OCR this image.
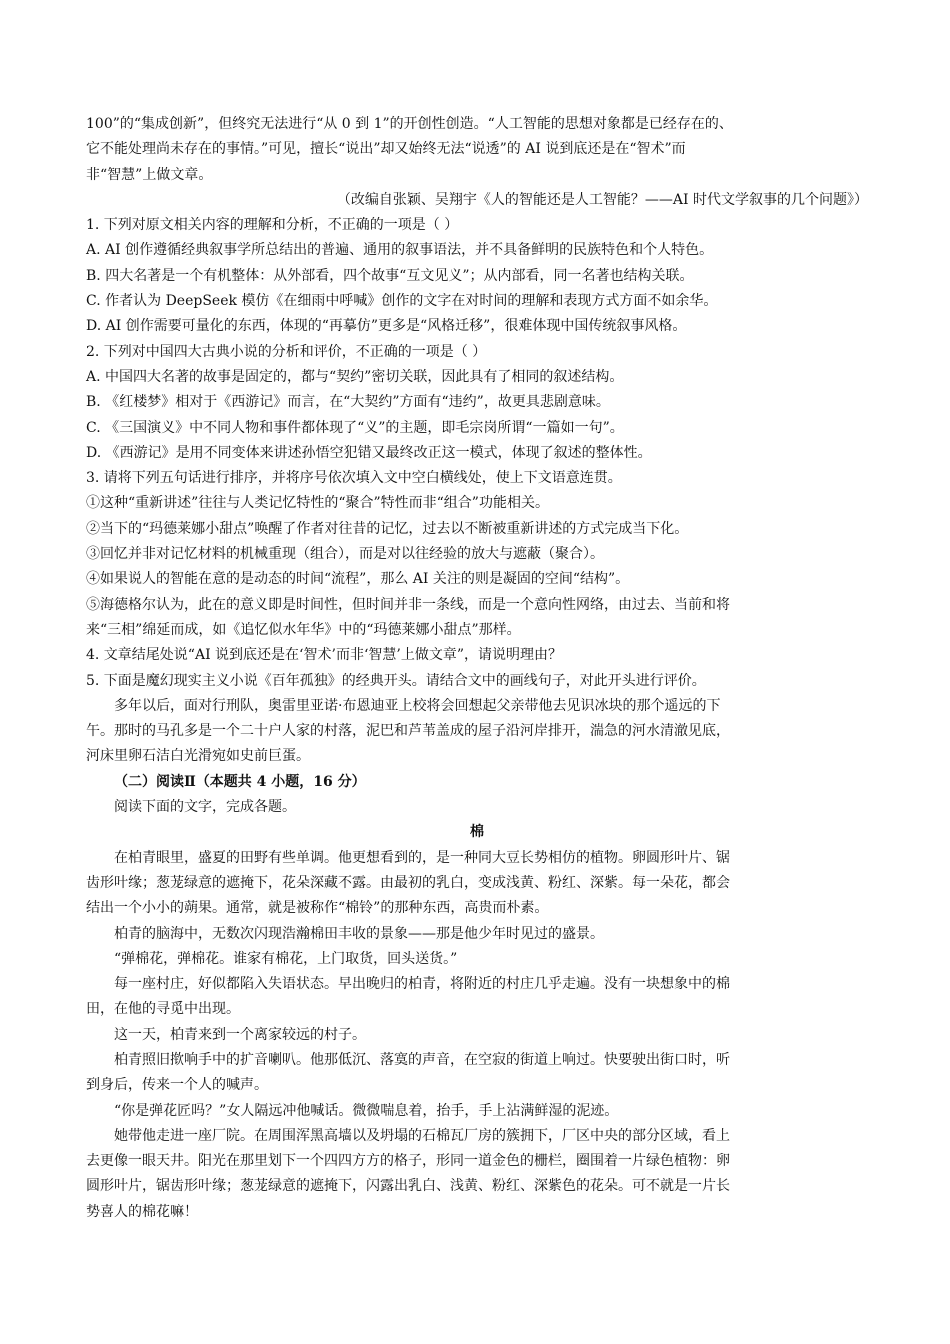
100”的“集成创新”，但终究无法进行“从 0 到 1”的开创性创造。“人工智能的思想对象都是已经存在的、

它不能处理尚未存在的事情。”可见，擅长“说出”却又始终无法“说透”的 AI 说到底还是在“智术”而

非“智慧”上做文章。

（改编自张颖、吴翔宇《人的智能还是人工智能？——AI 时代文学叙事的几个问题》）

1. 下列对原文相关内容的理解和分析，不正确的一项是（ ）

A. AI 创作遵循经典叙事学所总结出的普遍、通用的叙事语法，并不具备鲜明的民族特色和个人特色。

B. 四大名著是一个有机整体：从外部看，四个故事“互文见义”；从内部看，同一名著也结构关联。

C. 作者认为 DeepSeek 模仿《在细雨中呼喊》创作的文字在对时间的理解和表现方式方面不如余华。

D. AI 创作需要可量化的东西，体现的“再摹仿”更多是“风格迁移”，很难体现中国传统叙事风格。

2. 下列对中国四大古典小说的分析和评价，不正确的一项是（ ）

A. 中国四大名著的故事是固定的，都与“契约”密切关联，因此具有了相同的叙述结构。

B. 《红楼梦》相对于《西游记》而言，在“大契约”方面有“违约”，故更具悲剧意味。

C. 《三国演义》中不同人物和事件都体现了“义”的主题，即毛宗岗所谓“一篇如一句”。

D. 《西游记》是用不同变体来讲述孙悟空犯错又最终改正这一模式，体现了叙述的整体性。

3. 请将下列五句话进行排序，并将序号依次填入文中空白横线处，使上下文语意连贯。

①这种“重新讲述”往往与人类记忆特性的“聚合”特性而非“组合”功能相关。

②当下的“玛德莱娜小甜点”唤醒了作者对往昔的记忆，过去以不断被重新讲述的方式完成当下化。

③回忆并非对记忆材料的机械重现（组合），而是对以往经验的放大与遮蔽（聚合）。

④如果说人的智能在意的是动态的时间“流程”，那么 AI 关注的则是凝固的空间“结构”。

⑤海德格尔认为，此在的意义即是时间性，但时间并非一条线，而是一个意向性网络，由过去、当前和将

来“三相”绵延而成，如《追忆似水年华》中的“玛德莱娜小甜点”那样。

4. 文章结尾处说“AI 说到底还是在‘智术’而非‘智慧’上做文章”，请说明理由？

5. 下面是魔幻现实主义小说《百年孤独》的经典开头。请结合文中的画线句子，对此开头进行评价。

多年以后，面对行刑队，奥雷里亚诺·布恩迪亚上校将会回想起父亲带他去见识冰块的那个遥远的下

午。那时的马孔多是一个二十户人家的村落，泥巴和芦苇盖成的屋子沿河岸排开，湍急的河水清澈见底，

河床里卵石洁白光滑宛如史前巨蛋。

（二）阅读Ⅱ（本题共 4 小题，16 分）

阅读下面的文字，完成各题。

棉

在柏青眼里，盛夏的田野有些单调。他更想看到的，是一种同大豆长势相仿的植物。卵圆形叶片、锯

齿形叶缘；葱茏绿意的遮掩下，花朵深藏不露。由最初的乳白，变成浅黄、粉红、深紫。每一朵花，都会

结出一个小小的蒴果。通常，就是被称作“棉铃”的那种东西，高贵而朴素。

柏青的脑海中，无数次闪现浩瀚棉田丰收的景象——那是他少年时见过的盛景。

“弹棉花，弹棉花。谁家有棉花，上门取货，回头送货。”

每一座村庄，好似都陷入失语状态。早出晚归的柏青，将附近的村庄几乎走遍。没有一块想象中的棉

田，在他的寻觅中出现。

这一天，柏青来到一个离家较远的村子。

柏青照旧揿响手中的扩音喇叭。他那低沉、落寞的声音，在空寂的街道上响过。快要驶出街口时，听

到身后，传来一个人的喊声。

“你是弹花匠吗？”女人隔远冲他喊话。微微喘息着，抬手，手上沾满鲜湿的泥迹。

她带他走进一座厂院。在周围浑黑高墙以及坍塌的石棉瓦厂房的簇拥下，厂区中央的部分区域，看上

去更像一眼天井。阳光在那里划下一个四四方方的格子，形同一道金色的栅栏，圈围着一片绿色植物：卵

圆形叶片，锯齿形叶缘；葱茏绿意的遮掩下，闪露出乳白、浅黄、粉红、深紫色的花朵。可不就是一片长

势喜人的棉花嘛！
